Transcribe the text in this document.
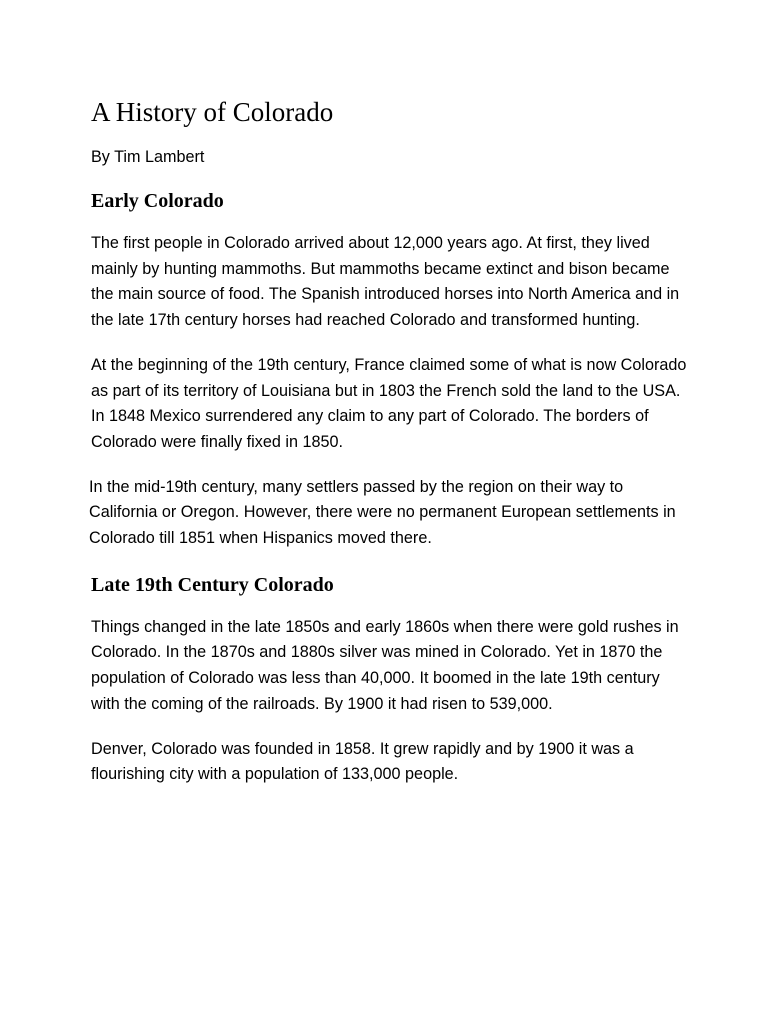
A History of Colorado
By Tim Lambert
Early Colorado

The first people in Colorado arrived about 12,000 years ago. At first, they lived mainly by hunting mammoths. But mammoths became extinct and bison became the main source of food. The Spanish introduced horses into North America and in the late 17th century horses had reached Colorado and transformed hunting.

At the beginning of the 19th century, France claimed some of what is now Colorado as part of its territory of Louisiana but in 1803 the French sold the land to the USA. In 1848 Mexico surrendered any claim to any part of Colorado. The borders of Colorado were finally fixed in 1850.

In the mid-19th century, many settlers passed by the region on their way to California or Oregon. However, there were no permanent European settlements in Colorado till 1851 when Hispanics moved there.

Late 19th Century Colorado

Things changed in the late 1850s and early 1860s when there were gold rushes in Colorado. In the 1870s and 1880s silver was mined in Colorado. Yet in 1870 the population of Colorado was less than 40,000. It boomed in the late 19th century with the coming of the railroads. By 1900 it had risen to 539,000.

Denver, Colorado was founded in 1858. It grew rapidly and by 1900 it was a flourishing city with a population of 133,000 people.
